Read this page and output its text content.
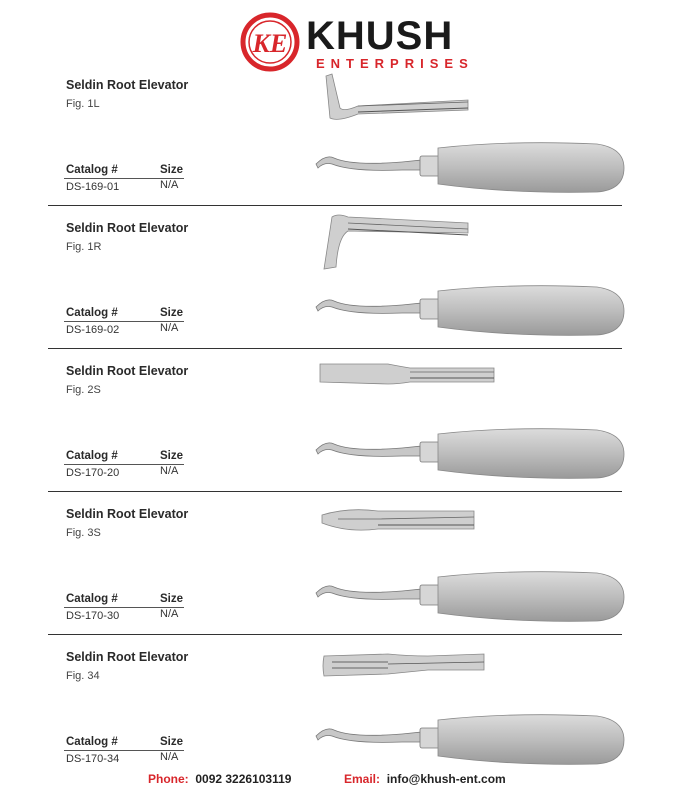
KE KHUSH
ENTERPRISES
Seldin Root Elevator
Fig. 1L
Catalog #	Size
DS-169-01	N/A
Seldin Root Elevator
Fig. 1R
Catalog #	Size
DS-169-02	N/A
Seldin Root Elevator
Fig. 2S
Catalog #	Size
DS-170-20	N/A
Seldin Root Elevator
Fig. 3S
Catalog #	Size
DS-170-30	N/A
Seldin Root Elevator
Fig. 34
Catalog #	Size
DS-170-34	N/A
Phone: 0092 3226103119	Email: info@khush-ent.com
